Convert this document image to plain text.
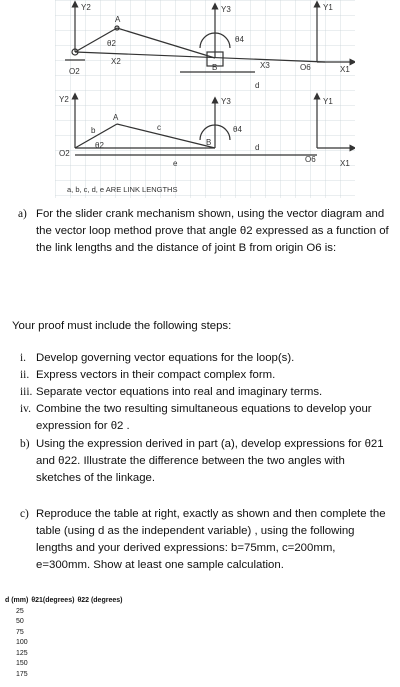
Y2	Y3	Y1
A
θ2
X2
O2
θ4
B	X3
d
O6	X1
Y2	Y3	Y1
A
b	c
θ2
O2
θ4
B
d
e	O6	X1
a, b, c, d, e ARE LINK LENGTHS
a) For the slider crank mechanism shown, using the vector diagram and the vector loop method prove that angle θ2 expressed as a function of the link lengths and the distance of joint B from origin O6 is:
Your proof must include the following steps:
i. Develop governing vector equations for the loop(s).
ii. Express vectors in their compact complex form.
iii. Separate vector equations into real and imaginary terms.
iv. Combine the two resulting simultaneous equations to develop your expression for θ2 .
b) Using the expression derived in part (a), develop expressions for θ21 and θ22. Illustrate the difference between the two angles with sketches of the linkage.
c) Reproduce the table at right, exactly as shown and then complete the table (using d as the independent variable) , using the following lengths and your derived expressions: b=75mm, c=200mm, e=300mm. Show at least one sample calculation.
d (mm) θ21(degrees) θ22 (degrees)
25
50
75
100
125
150
175
